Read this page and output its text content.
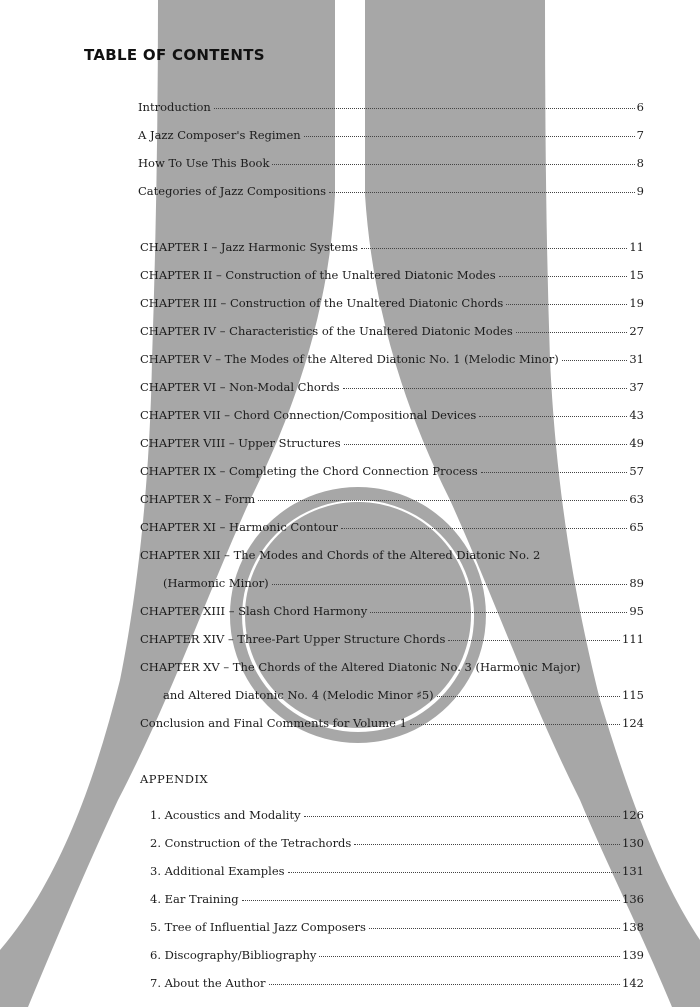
TABLE OF CONTENTS
Introduction	6
A Jazz Composer's Regimen	7
How To Use This Book	8
Categories of Jazz Compositions	9
CHAPTER I – Jazz Harmonic Systems	11
CHAPTER II – Construction of the Unaltered Diatonic Modes	15
CHAPTER III – Construction of the Unaltered Diatonic Chords	19
CHAPTER IV – Characteristics of the Unaltered Diatonic Modes	27
CHAPTER V – The Modes of the Altered Diatonic No. 1 (Melodic Minor)	31
CHAPTER VI – Non-Modal Chords	37
CHAPTER VII – Chord Connection/Compositional Devices	43
CHAPTER VIII – Upper Structures	49
CHAPTER IX – Completing the Chord Connection Process	57
CHAPTER X – Form	63
CHAPTER XI – Harmonic Contour	65
CHAPTER XII – The Modes and Chords of the Altered Diatonic No. 2
(Harmonic Minor)	89
CHAPTER XIII – Slash Chord Harmony	95
CHAPTER XIV – Three-Part Upper Structure Chords	111
CHAPTER XV – The Chords of the Altered Diatonic No. 3 (Harmonic Major)
and Altered Diatonic No. 4 (Melodic Minor ♯5)	115
Conclusion and Final Comments for Volume 1	124
APPENDIX
1. Acoustics and Modality	126
2. Construction of the Tetrachords	130
3. Additional Examples	131
4. Ear Training	136
5. Tree of Influential Jazz Composers	138
6. Discography/Bibliography	139
7. About the Author	142
